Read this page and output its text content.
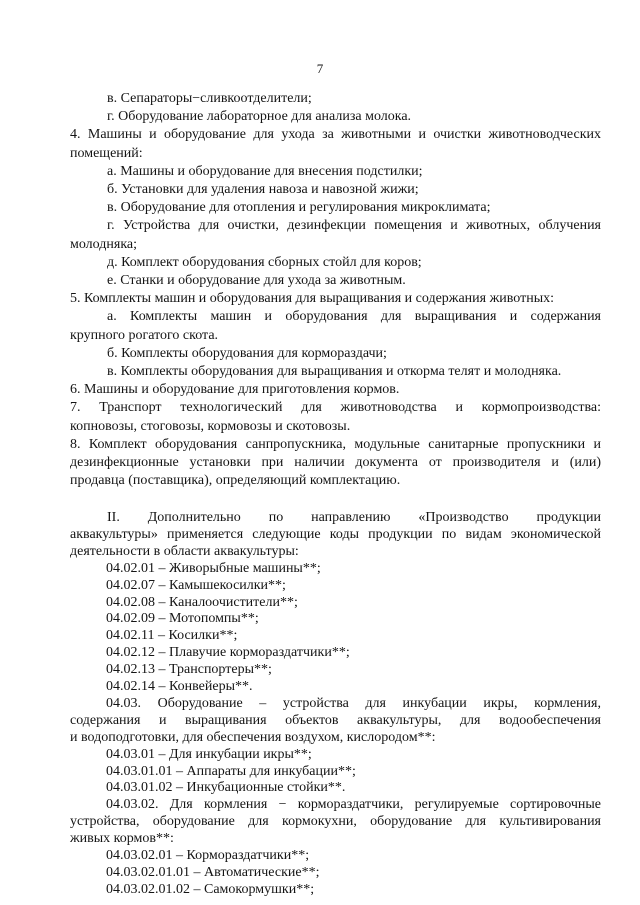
7
в. Сепараторы−сливкоотделители;
г. Оборудование лабораторное для анализа молока.
4. Машины и оборудование для ухода за животными и очистки животноводческих
помещений:
а. Машины и оборудование для внесения подстилки;
б. Установки для удаления навоза и навозной жижи;
в. Оборудование для отопления и регулирования микроклимата;
г. Устройства для очистки, дезинфекции помещения и животных, облучения
молодняка;
д. Комплект оборудования сборных стойл для коров;
е. Станки и оборудование для ухода за животным.
5. Комплекты машин и оборудования для выращивания и содержания животных:
а. Комплекты машин и оборудования для выращивания и содержания
крупного рогатого скота.
б. Комплекты оборудования для кормораздачи;
в. Комплекты оборудования для выращивания и откорма телят и молодняка.
6. Машины и оборудование для приготовления кормов.
7. Транспорт технологический для животноводства и кормопроизводства:
копновозы, стоговозы, кормовозы и скотовозы.
8. Комплект оборудования санпропускника, модульные санитарные пропускники и
дезинфекционные установки при наличии документа от производителя и (или)
продавца (поставщика), определяющий комплектацию.
II. Дополнительно по направлению «Производство продукции
аквакультуры» применяется следующие коды продукции по видам экономической
деятельности в области аквакультуры:
04.02.01 – Живорыбные машины**;
04.02.07 – Камышекосилки**;
04.02.08 – Каналоочистители**;
04.02.09 – Мотопомпы**;
04.02.11 – Косилки**;
04.02.12 – Плавучие кормораздатчики**;
04.02.13 – Транспортеры**;
04.02.14 – Конвейеры**.
04.03. Оборудование – устройства для инкубации икры, кормления,
содержания и выращивания объектов аквакультуры, для водообеспечения
и водоподготовки, для обеспечения воздухом, кислородом**:
04.03.01 – Для инкубации икры**;
04.03.01.01 – Аппараты для инкубации**;
04.03.01.02 – Инкубационные стойки**.
04.03.02. Для кормления − кормораздатчики, регулируемые сортировочные
устройства, оборудование для кормокухни, оборудование для культивирования
живых кормов**:
04.03.02.01 – Кормораздатчики**;
04.03.02.01.01 – Автоматические**;
04.03.02.01.02 – Самокормушки**;
